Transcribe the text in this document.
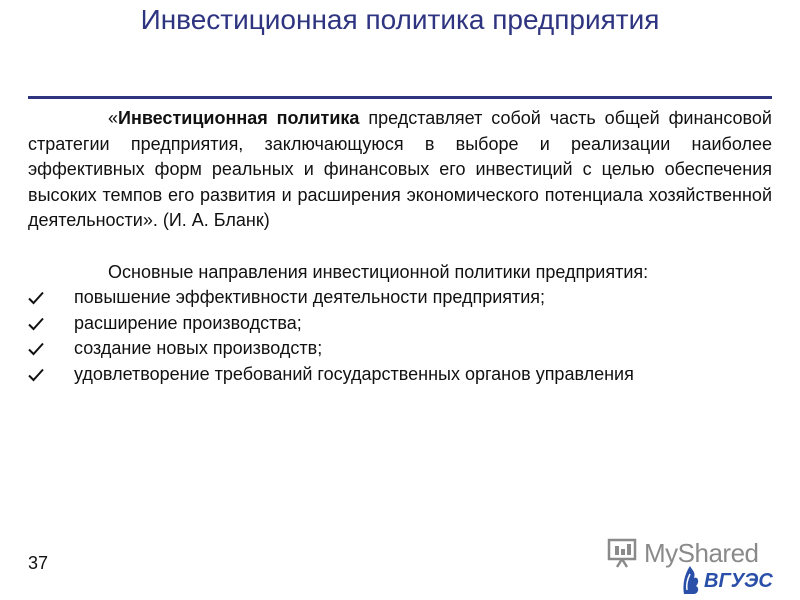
Инвестиционная политика предприятия

«Инвестиционная политика представляет собой часть общей финансовой стратегии предприятия, заключающуюся в выборе и реализации наиболее эффективных форм реальных и финансовых его инвестиций с целью обеспечения высоких темпов его развития и расширения экономического потенциала хозяйственной деятельности». (И. А. Бланк)

Основные направления инвестиционной политики предприятия:

повышение эффективности деятельности предприятия;
расширение производства;
создание новых производств;
удовлетворение требований государственных органов управления
37	MyShared
ВГУЭС
